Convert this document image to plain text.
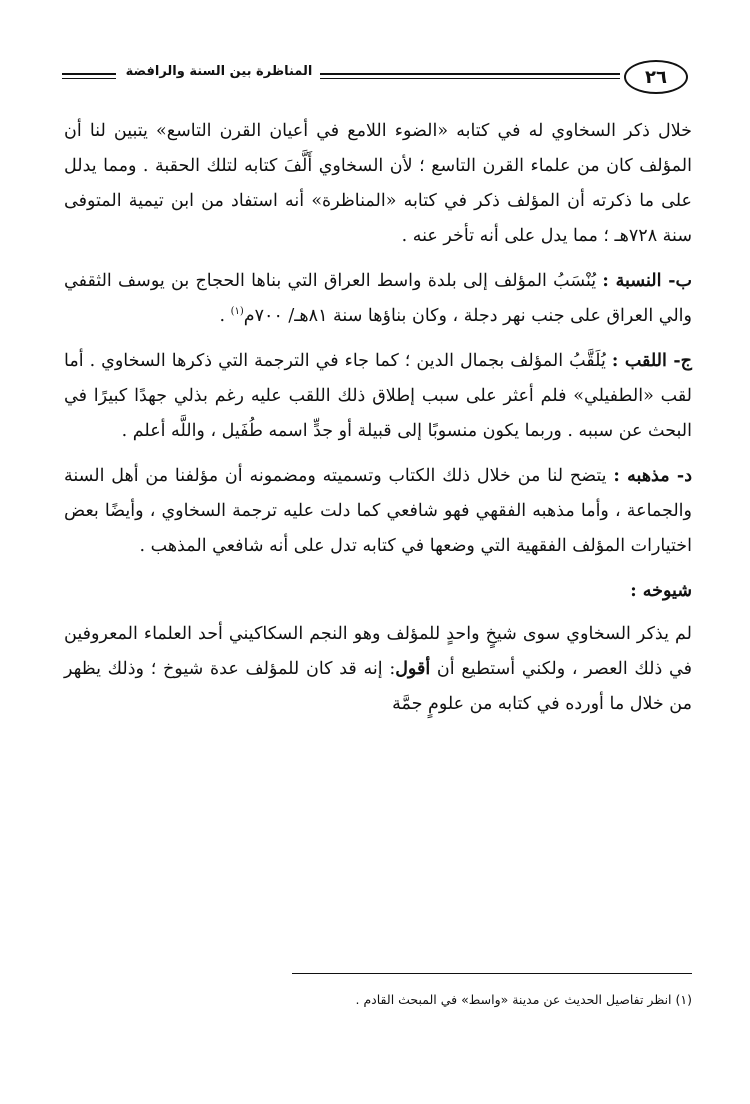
المناظرة بين السنة والرافضة	٢٦

خلال ذكر السخاوي له في كتابه «الضوء اللامع في أعيان القرن التاسع» يتبين لنا أن المؤلف كان من علماء القرن التاسع ؛ لأن السخاوي أَلَّفَ كتابه لتلك الحقبة . ومما يدلل على ما ذكرته أن المؤلف ذكر في كتابه «المناظرة» أنه استفاد من ابن تيمية المتوفى سنة ٧٢٨هـ ؛ مما يدل على أنه تأخر عنه .

ب- النسبة : يُنْسَبُ المؤلف إلى بلدة واسط العراق التي بناها الحجاج بن يوسف الثقفي والي العراق على جنب نهر دجلة ، وكان بناؤها سنة ٨١هـ/ ٧٠٠م$^{(١)}$ .

ج- اللقب : يُلَقَّبُ المؤلف بجمال الدين ؛ كما جاء في الترجمة التي ذكرها السخاوي . أما لقب «الطفيلي» فلم أعثر على سبب إطلاق ذلك اللقب عليه رغم بذلي جهدًا كبيرًا في البحث عن سببه . وربما يكون منسوبًا إلى قبيلة أو جدٍّ اسمه طُفَيل ، واللَّه أعلم .

د- مذهبه : يتضح لنا من خلال ذلك الكتاب وتسميته ومضمونه أن مؤلفنا من أهل السنة والجماعة ، وأما مذهبه الفقهي فهو شافعي كما دلت عليه ترجمة السخاوي ، وأيضًا بعض اختيارات المؤلف الفقهية التي وضعها في كتابه تدل على أنه شافعي المذهب .

شيوخه :

لم يذكر السخاوي سوى شيخٍ واحدٍ للمؤلف وهو النجم السكاكيني أحد العلماء المعروفين في ذلك العصر ، ولكني أستطيع أن أقول: إنه قد كان للمؤلف عدة شيوخ ؛ وذلك يظهر من خلال ما أورده في كتابه من علومٍ جمَّة

(١) انظر تفاصيل الحديث عن مدينة «واسط» في المبحث القادم .
